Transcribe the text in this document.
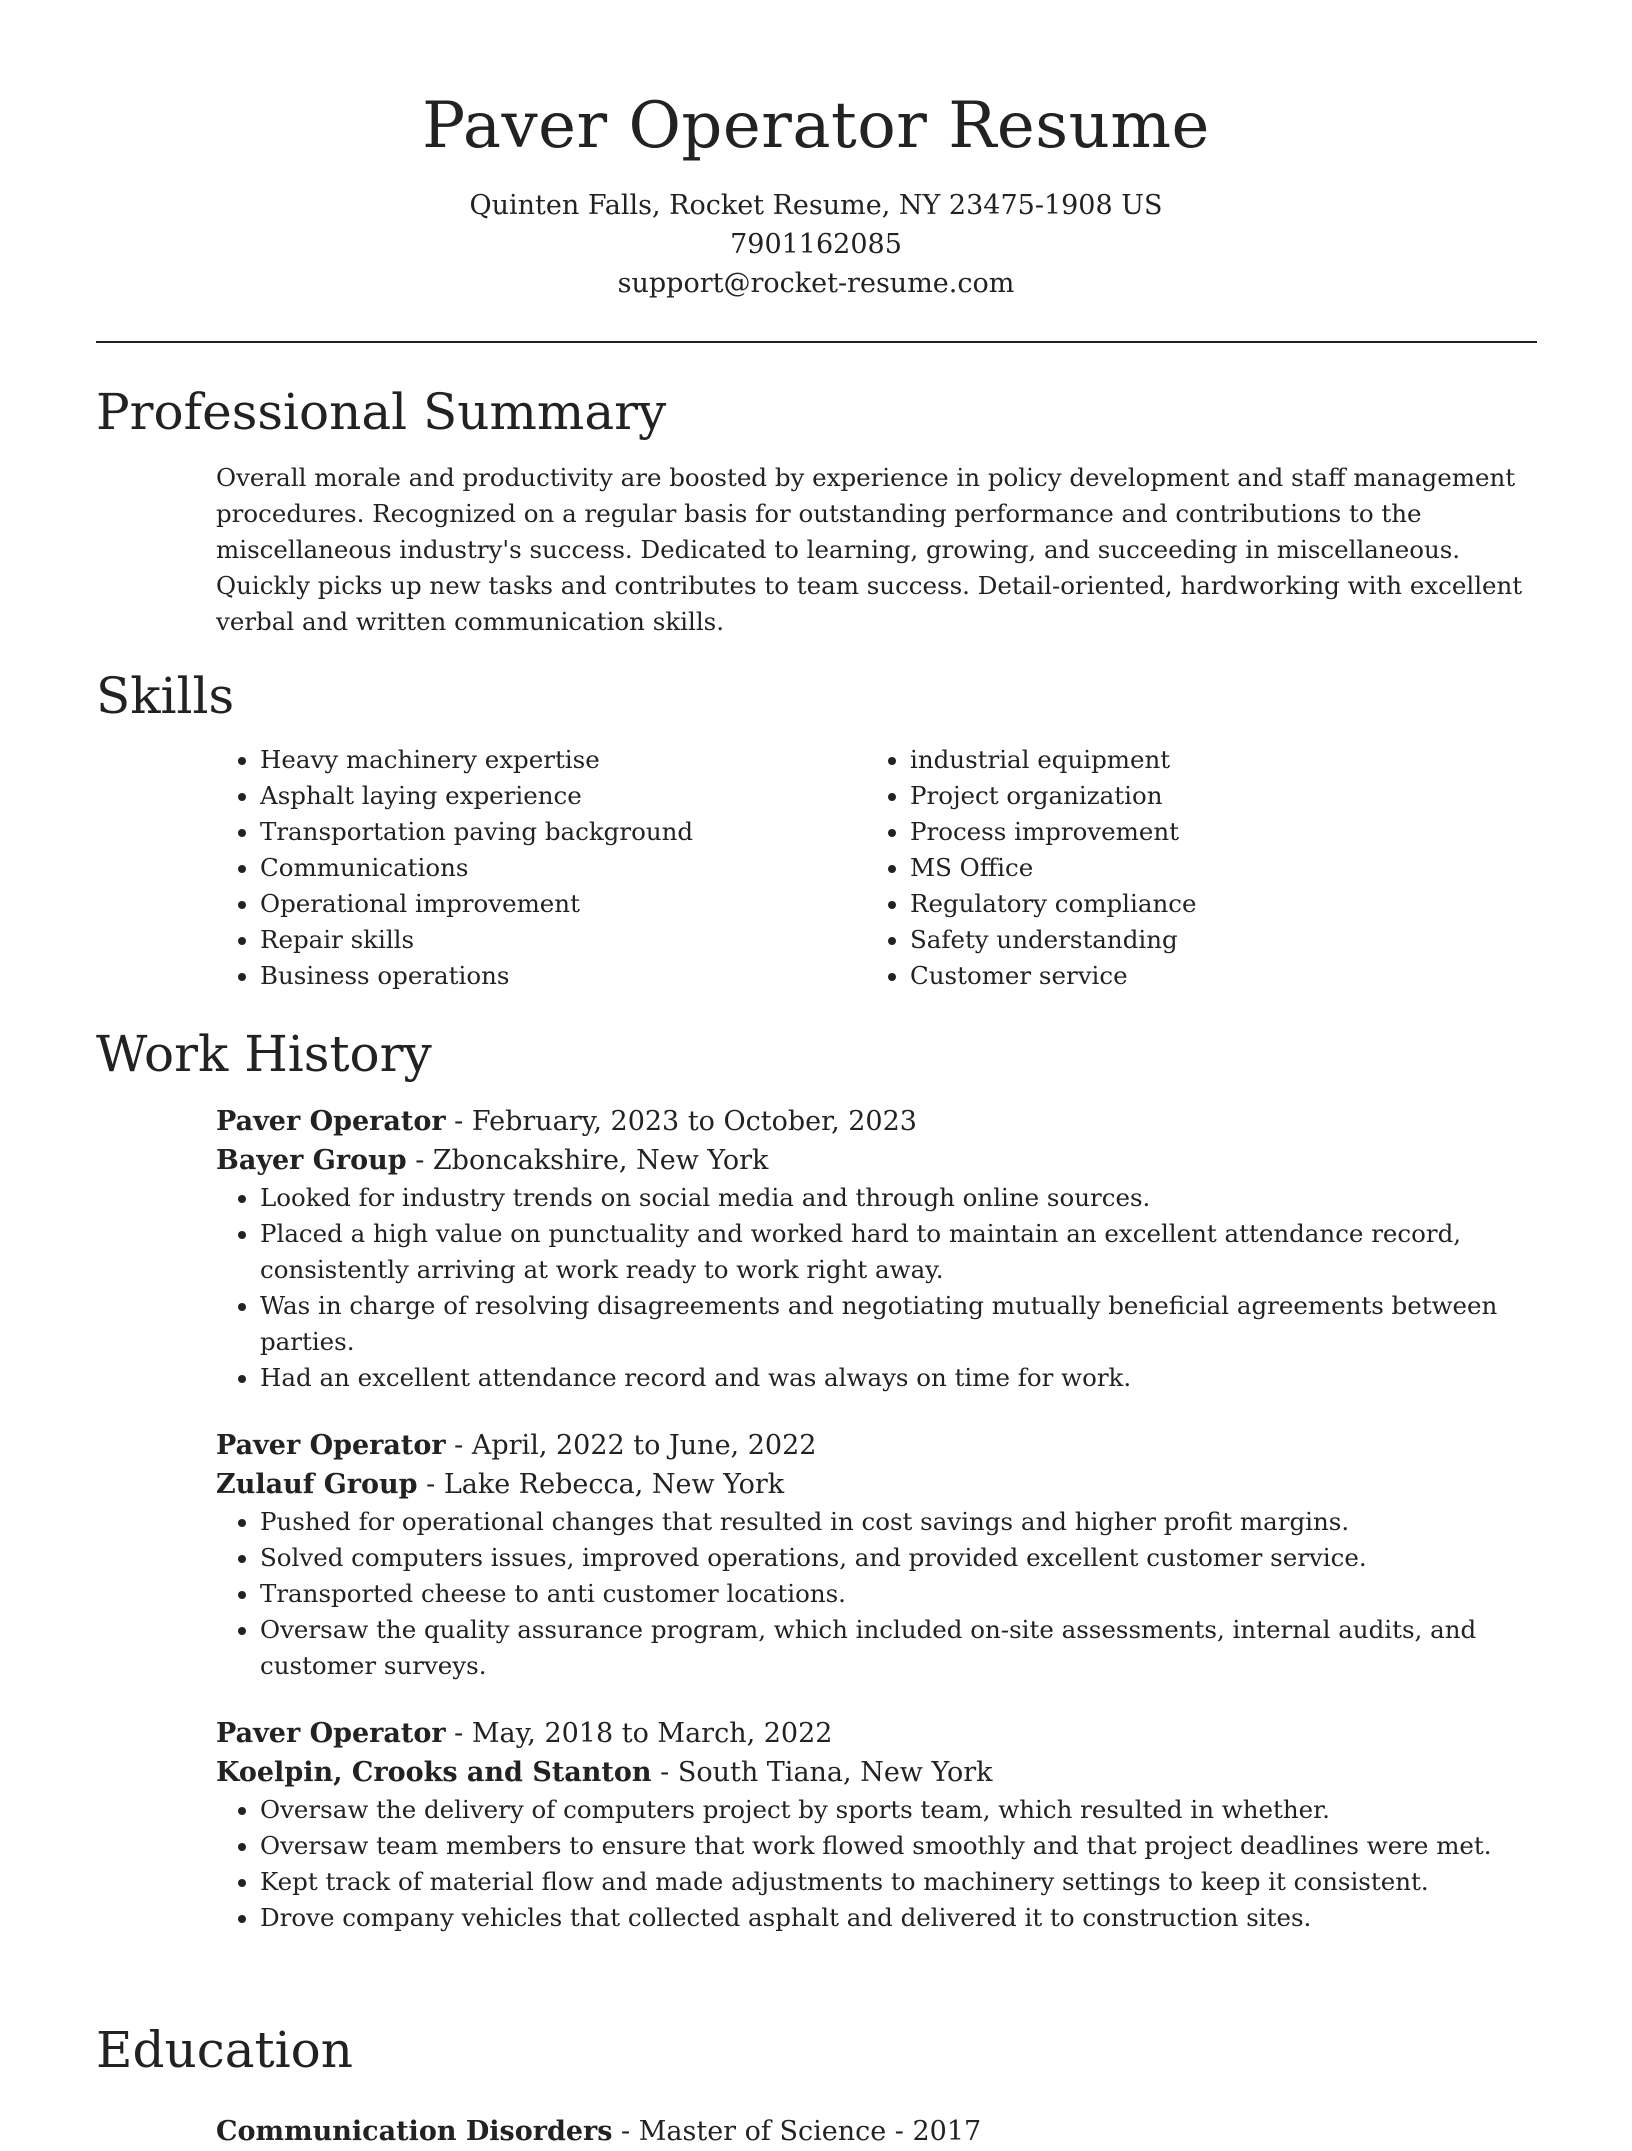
Paver Operator Resume
Quinten Falls, Rocket Resume, NY 23475-1908 US
7901162085
support@rocket-resume.com
Professional Summary
Overall morale and productivity are boosted by experience in policy development and staff management procedures. Recognized on a regular basis for outstanding performance and contributions to the miscellaneous industry's success. Dedicated to learning, growing, and succeeding in miscellaneous. Quickly picks up new tasks and contributes to team success. Detail-oriented, hardworking with excellent verbal and written communication skills.
Skills
• Heavy machinery expertise
• Asphalt laying experience
• Transportation paving background
• Communications
• Operational improvement
• Repair skills
• Business operations
• industrial equipment
• Project organization
• Process improvement
• MS Office
• Regulatory compliance
• Safety understanding
• Customer service
Work History
Paver Operator - February, 2023 to October, 2023
Bayer Group - Zboncakshire, New York
• Looked for industry trends on social media and through online sources.
• Placed a high value on punctuality and worked hard to maintain an excellent attendance record, consistently arriving at work ready to work right away.
• Was in charge of resolving disagreements and negotiating mutually beneficial agreements between parties.
• Had an excellent attendance record and was always on time for work.
Paver Operator - April, 2022 to June, 2022
Zulauf Group - Lake Rebecca, New York
• Pushed for operational changes that resulted in cost savings and higher profit margins.
• Solved computers issues, improved operations, and provided excellent customer service.
• Transported cheese to anti customer locations.
• Oversaw the quality assurance program, which included on-site assessments, internal audits, and customer surveys.
Paver Operator - May, 2018 to March, 2022
Koelpin, Crooks and Stanton - South Tiana, New York
• Oversaw the delivery of computers project by sports team, which resulted in whether.
• Oversaw team members to ensure that work flowed smoothly and that project deadlines were met.
• Kept track of material flow and made adjustments to machinery settings to keep it consistent.
• Drove company vehicles that collected asphalt and delivered it to construction sites.
Education
Communication Disorders - Master of Science - 2017
